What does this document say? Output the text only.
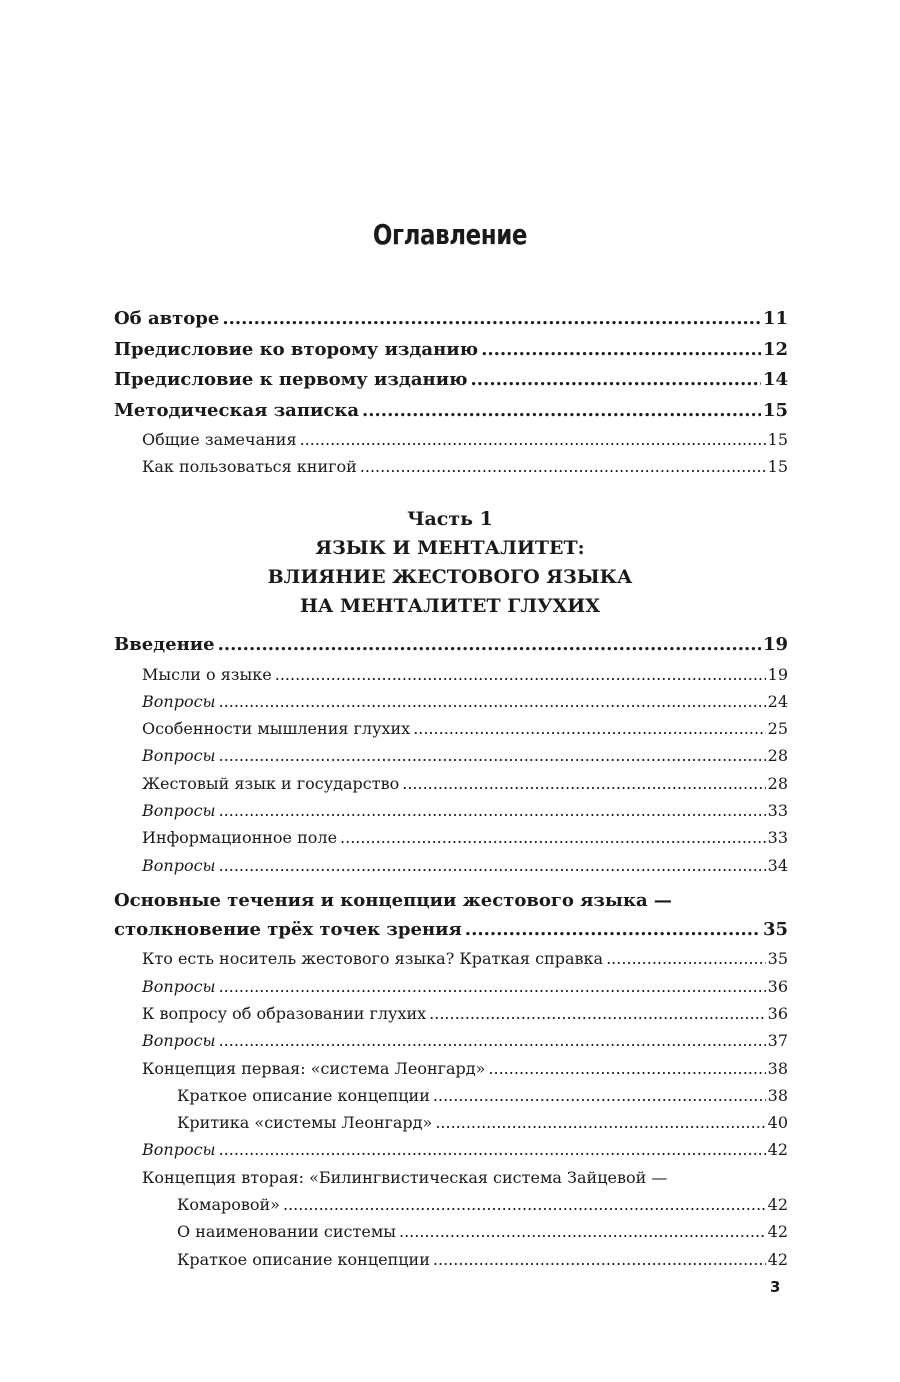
Оглавление
Об авторе .....	11
Предисловие ко второму изданию .....	12
Предисловие к первому изданию .....	14
Методическая записка .....	15
Общие замечания .....	15
Как пользоваться книгой .....	15
Часть 1
ЯЗЫК И МЕНТАЛИТЕТ:
ВЛИЯНИЕ ЖЕСТОВОГО ЯЗЫКА
НА МЕНТАЛИТЕТ ГЛУХИХ
Введение .....	19
Мысли о языке .....	19
Вопросы .....	24
Особенности мышления глухих .....	25
Вопросы .....	28
Жестовый язык и государство .....	28
Вопросы .....	33
Информационное поле .....	33
Вопросы .....	34
Основные течения и концепции жестового языка —
столкновение трёх точек зрения .....	35
Кто есть носитель жестового языка? Краткая справка .....	35
Вопросы .....	36
К вопросу об образовании глухих .....	36
Вопросы .....	37
Концепция первая: «система Леонгард» .....	38
Краткое описание концепции .....	38
Критика «системы Леонгард» .....	40
Вопросы .....	42
Концепция вторая: «Билингвистическая система Зайцевой —
Комаровой» .....	42
О наименовании системы .....	42
Краткое описание концепции .....	42
3
